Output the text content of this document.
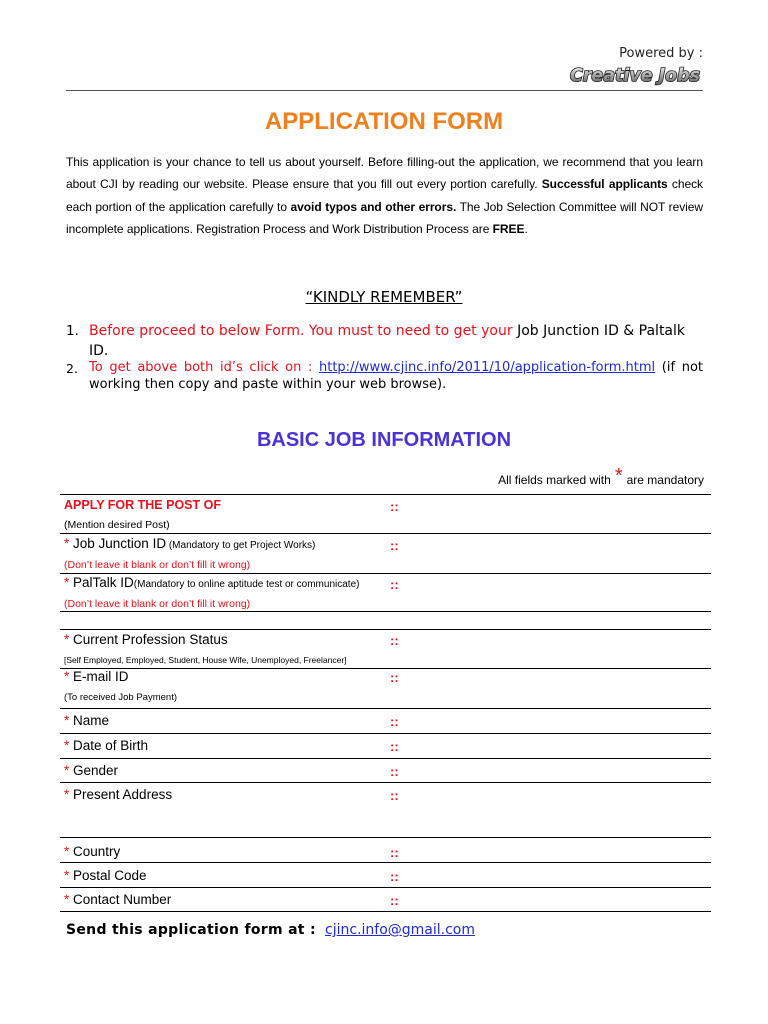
Powered by :
Creative Jobs
APPLICATION FORM
This application is your chance to tell us about yourself. Before filling-out the application, we recommend that you learn about CJI by reading our website. Please ensure that you fill out every portion carefully. Successful applicants check each portion of the application carefully to avoid typos and other errors. The Job Selection Committee will NOT review incomplete applications. Registration Process and Work Distribution Process are FREE.
“KINDLY REMEMBER”
1. Before proceed to below Form. You must to need to get your Job Junction ID & Paltalk ID.
2. To get above both id’s click on : http://www.cjinc.info/2011/10/application-form.html (if not working then copy and paste within your web browse).
BASIC JOB INFORMATION
All fields marked with * are mandatory
APPLY FOR THE POST OF
(Mention desired Post)
::
* Job Junction ID (Mandatory to get Project Works)
(Don’t leave it blank or don’t fill it wrong)
::
* PalTalk ID(Mandatory to online aptitude test or communicate)
(Don’t leave it blank or don’t fill it wrong)
::
* Current Profession Status
[Self Employed, Employed, Student, House Wife, Unemployed, Freelancer]
::
* E-mail ID
(To received Job Payment)
::
* Name	::
* Date of Birth	::
* Gender	::
* Present Address	::
* Country	::
* Postal Code	::
* Contact Number	::
Send this application form at : cjinc.info@gmail.com
